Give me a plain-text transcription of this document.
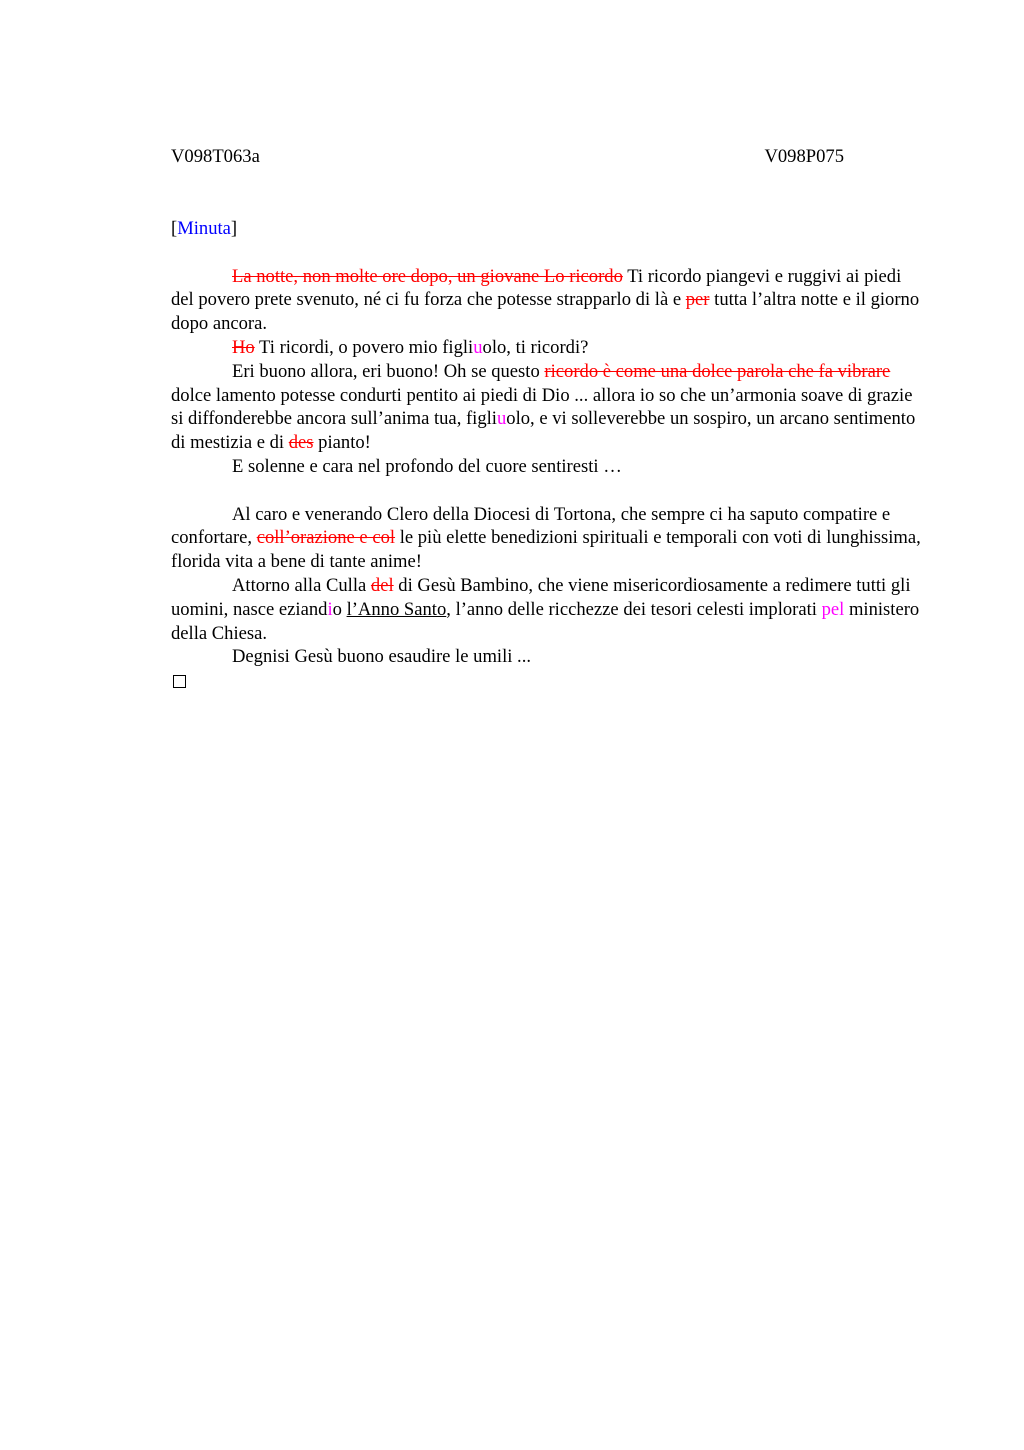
V098T063a	V098P075

[Minuta]

La notte, non molte ore dopo, un giovane Lo ricordo Ti ricordo piangevi e ruggivi ai piedi del povero prete svenuto, né ci fu forza che potesse strapparlo di là e per tutta l’altra notte e il giorno dopo ancora.

Ho Ti ricordi, o povero mio figliuolo, ti ricordi?

Eri buono allora, eri buono! Oh se questo ricordo è come una dolce parola che fa vibrare dolce lamento potesse condurti pentito ai piedi di Dio ... allora io so che un’armonia soave di grazie si diffonderebbe ancora sull’anima tua, figliuolo, e vi solleverebbe un sospiro, un arcano sentimento di mestizia e di des pianto!

E solenne e cara nel profondo del cuore sentiresti …

Al caro e venerando Clero della Diocesi di Tortona, che sempre ci ha saputo compatire e confortare, coll’orazione e col le più elette benedizioni spirituali e temporali con voti di lunghissima, florida vita a bene di tante anime!

Attorno alla Culla del di Gesù Bambino, che viene misericordiosamente a redimere tutti gli uomini, nasce eziandio l’Anno Santo, l’anno delle ricchezze dei tesori celesti implorati pel ministero della Chiesa.

Degnisi Gesù buono esaudire le umili ...
